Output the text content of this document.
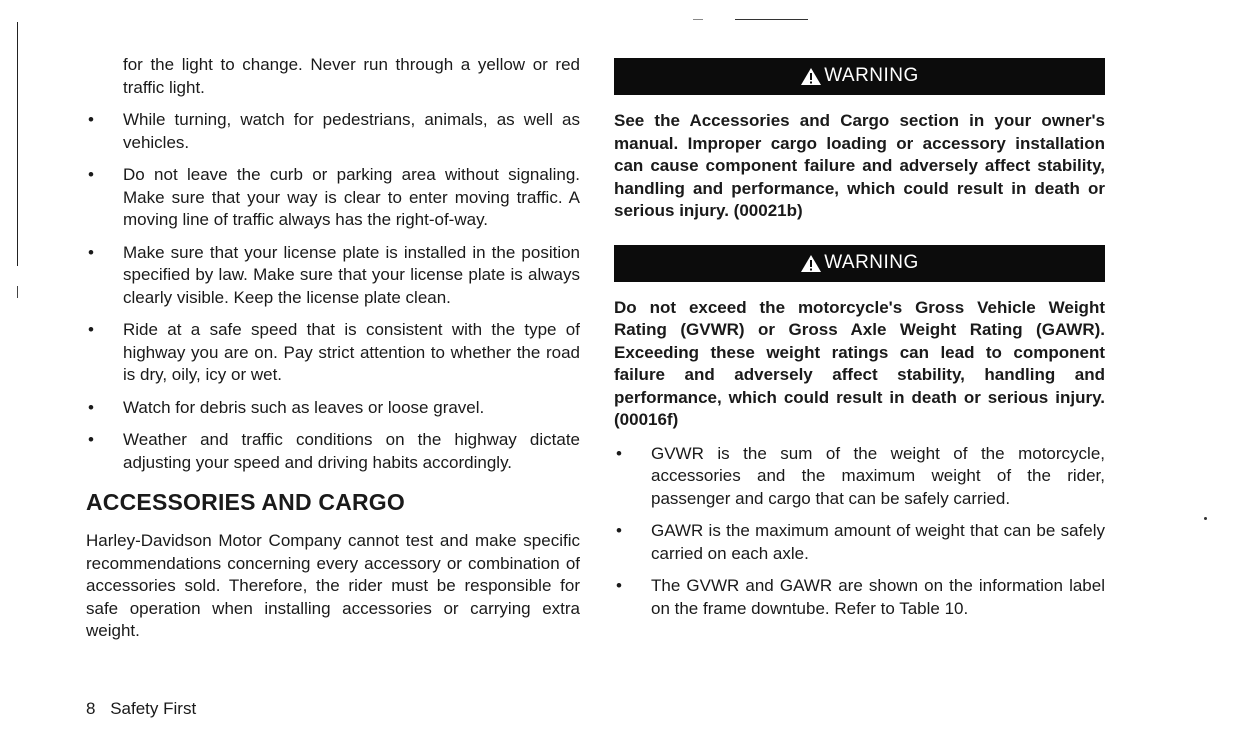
for the light to change. Never run through a yellow or red traffic light.

• While turning, watch for pedestrians, animals, as well as vehicles.
• Do not leave the curb or parking area without signaling. Make sure that your way is clear to enter moving traffic. A moving line of traffic always has the right-of-way.
• Make sure that your license plate is installed in the position specified by law. Make sure that your license plate is always clearly visible. Keep the license plate clean.
• Ride at a safe speed that is consistent with the type of highway you are on. Pay strict attention to whether the road is dry, oily, icy or wet.
• Watch for debris such as leaves or loose gravel.
• Weather and traffic conditions on the highway dictate adjusting your speed and driving habits accordingly.
ACCESSORIES AND CARGO

Harley-Davidson Motor Company cannot test and make specific recommendations concerning every accessory or combination of accessories sold. Therefore, the rider must be responsible for safe operation when installing accessories or carrying extra weight.

WARNING

See the Accessories and Cargo section in your owner's manual. Improper cargo loading or accessory installation can cause component failure and adversely affect stability, handling and performance, which could result in death or serious injury. (00021b)

WARNING

Do not exceed the motorcycle's Gross Vehicle Weight Rating (GVWR) or Gross Axle Weight Rating (GAWR). Exceeding these weight ratings can lead to component failure and adversely affect stability, handling and performance, which could result in death or serious injury. (00016f)

• GVWR is the sum of the weight of the motorcycle, accessories and the maximum weight of the rider, passenger and cargo that can be safely carried.
• GAWR is the maximum amount of weight that can be safely carried on each axle.
• The GVWR and GAWR are shown on the information label on the frame downtube. Refer to Table 10.
8 Safety First
